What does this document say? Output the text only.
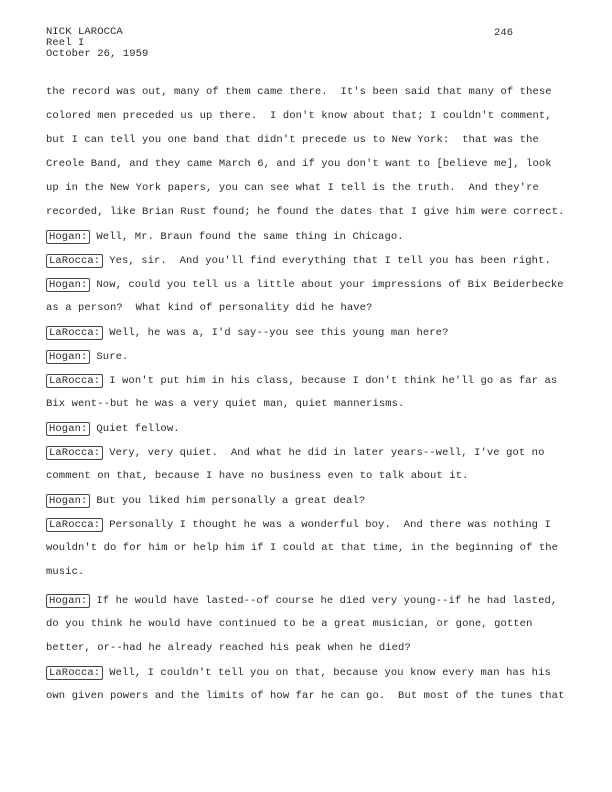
NICK LAROCCA
Reel I
October 26, 1959
246
the record was out, many of them came there.  It's been said that many of these
colored men preceded us up there.  I don't know about that; I couldn't comment,
but I can tell you one band that didn't precede us to New York:  that was the
Creole Band, and they came March 6, and if you don't want to [believe me], look
up in the New York papers, you can see what I tell is the truth.  And they're
recorded, like Brian Rust found; he found the dates that I give him were correct.
Hogan: Well, Mr. Braun found the same thing in Chicago.
LaRocca: Yes, sir.  And you'll find everything that I tell you has been right.
Hogan: Now, could you tell us a little about your impressions of Bix Beiderbecke
as a person?  What kind of personality did he have?
LaRocca: Well, he was a, I'd say--you see this young man here?
Hogan: Sure.
LaRocca: I won't put him in his class, because I don't think he'll go as far as
Bix went--but he was a very quiet man, quiet mannerisms.
Hogan: Quiet fellow.
LaRocca: Very, very quiet.  And what he did in later years--well, I've got no
comment on that, because I have no business even to talk about it.
Hogan: But you liked him personally a great deal?
LaRocca: Personally I thought he was a wonderful boy.  And there was nothing I
wouldn't do for him or help him if I could at that time, in the beginning of the
music.
Hogan: If he would have lasted--of course he died very young--if he had lasted,
do you think he would have continued to be a great musician, or gone, gotten
better, or--had he already reached his peak when he died?
LaRocca: Well, I couldn't tell you on that, because you know every man has his
own given powers and the limits of how far he can go.  But most of the tunes that
